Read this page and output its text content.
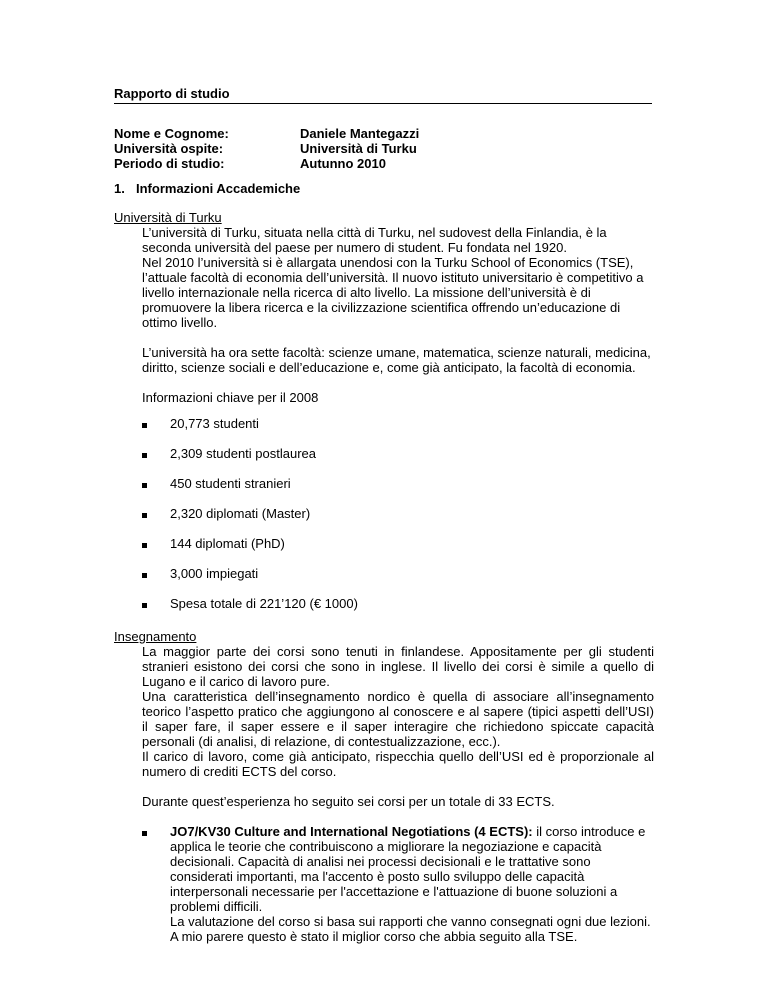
Rapporto di studio
Nome e Cognome:	Daniele Mantegazzi
Università ospite:	Università di Turku
Periodo di studio:	Autunno 2010
1. Informazioni Accademiche
Università di Turku

L’università di Turku, situata nella città di Turku, nel sudovest della Finlandia, è la seconda università del paese per numero di student. Fu fondata nel 1920.

Nel 2010 l’università si è allargata unendosi con la Turku School of Economics (TSE), l’attuale facoltà di economia dell’università. Il nuovo istituto universitario è competitivo a livello internazionale nella ricerca di alto livello. La missione dell’università è di promuovere la libera ricerca e la civilizzazione scientifica offrendo un’educazione di ottimo livello.

L’università ha ora sette facoltà: scienze umane, matematica, scienze naturali, medicina, diritto, scienze sociali e dell’educazione e, come già anticipato, la facoltà di economia.

Informazioni chiave per il 2008

20,773 studenti
2,309 studenti postlaurea
450 studenti stranieri
2,320 diplomati (Master)
144 diplomati (PhD)
3,000 impiegati
Spesa totale di 221’120 (€ 1000)
Insegnamento

La maggior parte dei corsi sono tenuti in finlandese. Appositamente per gli studenti stranieri esistono dei corsi che sono in inglese. Il livello dei corsi è simile a quello di Lugano e il carico di lavoro pure.

Una caratteristica dell’insegnamento nordico è quella di associare all’insegnamento teorico l’aspetto pratico che aggiungono al conoscere e al sapere (tipici aspetti dell’USI) il saper fare, il saper essere e il saper interagire che richiedono spiccate capacità personali (di analisi, di relazione, di contestualizzazione, ecc.).

Il carico di lavoro, come già anticipato, rispecchia quello dell’USI ed è proporzionale al numero di crediti ECTS del corso.

Durante quest’esperienza ho seguito sei corsi per un totale di 33 ECTS.

JO7/KV30 Culture and International Negotiations (4 ECTS): il corso introduce e applica le teorie che contribuiscono a migliorare la negoziazione e capacità decisionali. Capacità di analisi nei processi decisionali e le trattative sono considerati importanti, ma l'accento è posto sullo sviluppo delle capacità interpersonali necessarie per l'accettazione e l'attuazione di buone soluzioni a problemi difficili.

La valutazione del corso si basa sui rapporti che vanno consegnati ogni due lezioni. A mio parere questo è stato il miglior corso che abbia seguito alla TSE.
